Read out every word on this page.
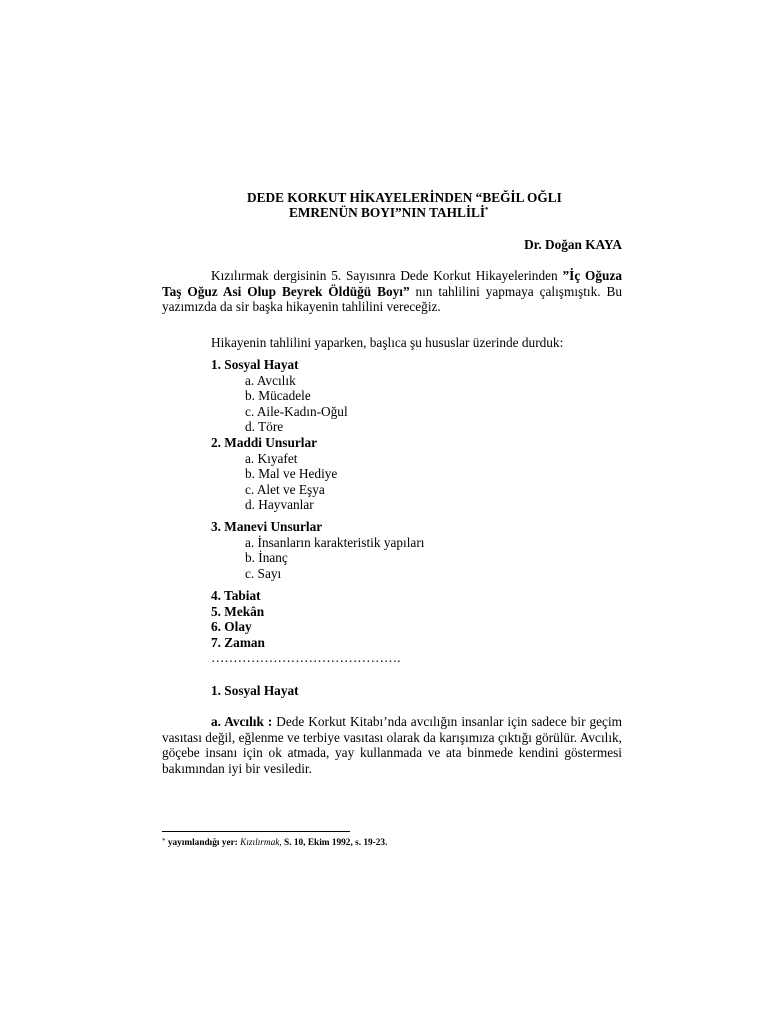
DEDE KORKUT HİKAYELERİNDEN “BEĞİL OĞLI
EMRENÜN BOYI”NIN TAHLİLİ*
Dr. Doğan KAYA

Kızılırmak dergisinin 5. Sayısınra Dede Korkut Hikayelerinden ”İç Oğuza Taş Oğuz Asi Olup Beyrek Öldüğü Boyı” nın tahlilini yapmaya çalışmıştık. Bu yazımızda da sir başka hikayenin tahlilini vereceğiz.

Hikayenin tahlilini yaparken, başlıca şu hususlar üzerinde durduk:
1. Sosyal Hayat
a. Avcılık
b. Mücadele
c. Aile-Kadın-Oğul
d. Töre
2. Maddi Unsurlar
a. Kıyafet
b. Mal ve Hediye
c. Alet ve Eşya
d. Hayvanlar
3. Manevi Unsurlar
a. İnsanların karakteristik yapıları
b. İnanç
c. Sayı
4. Tabiat
5. Mekân
6. Olay
7. Zaman
…………………………………….
1. Sosyal Hayat

a. Avcılık : Dede Korkut Kitabı’nda avcılığın insanlar için sadece bir geçim vasıtası değil, eğlenme ve terbiye vasıtası olarak da karışımıza çıktığı görülür. Avcılık, göçebe insanı için ok atmada, yay kullanmada ve ata binmede kendini göstermesi bakımından iyi bir vesiledir.

* yayımlandığı yer: Kızılırmak, S. 10, Ekim 1992, s. 19-23.
